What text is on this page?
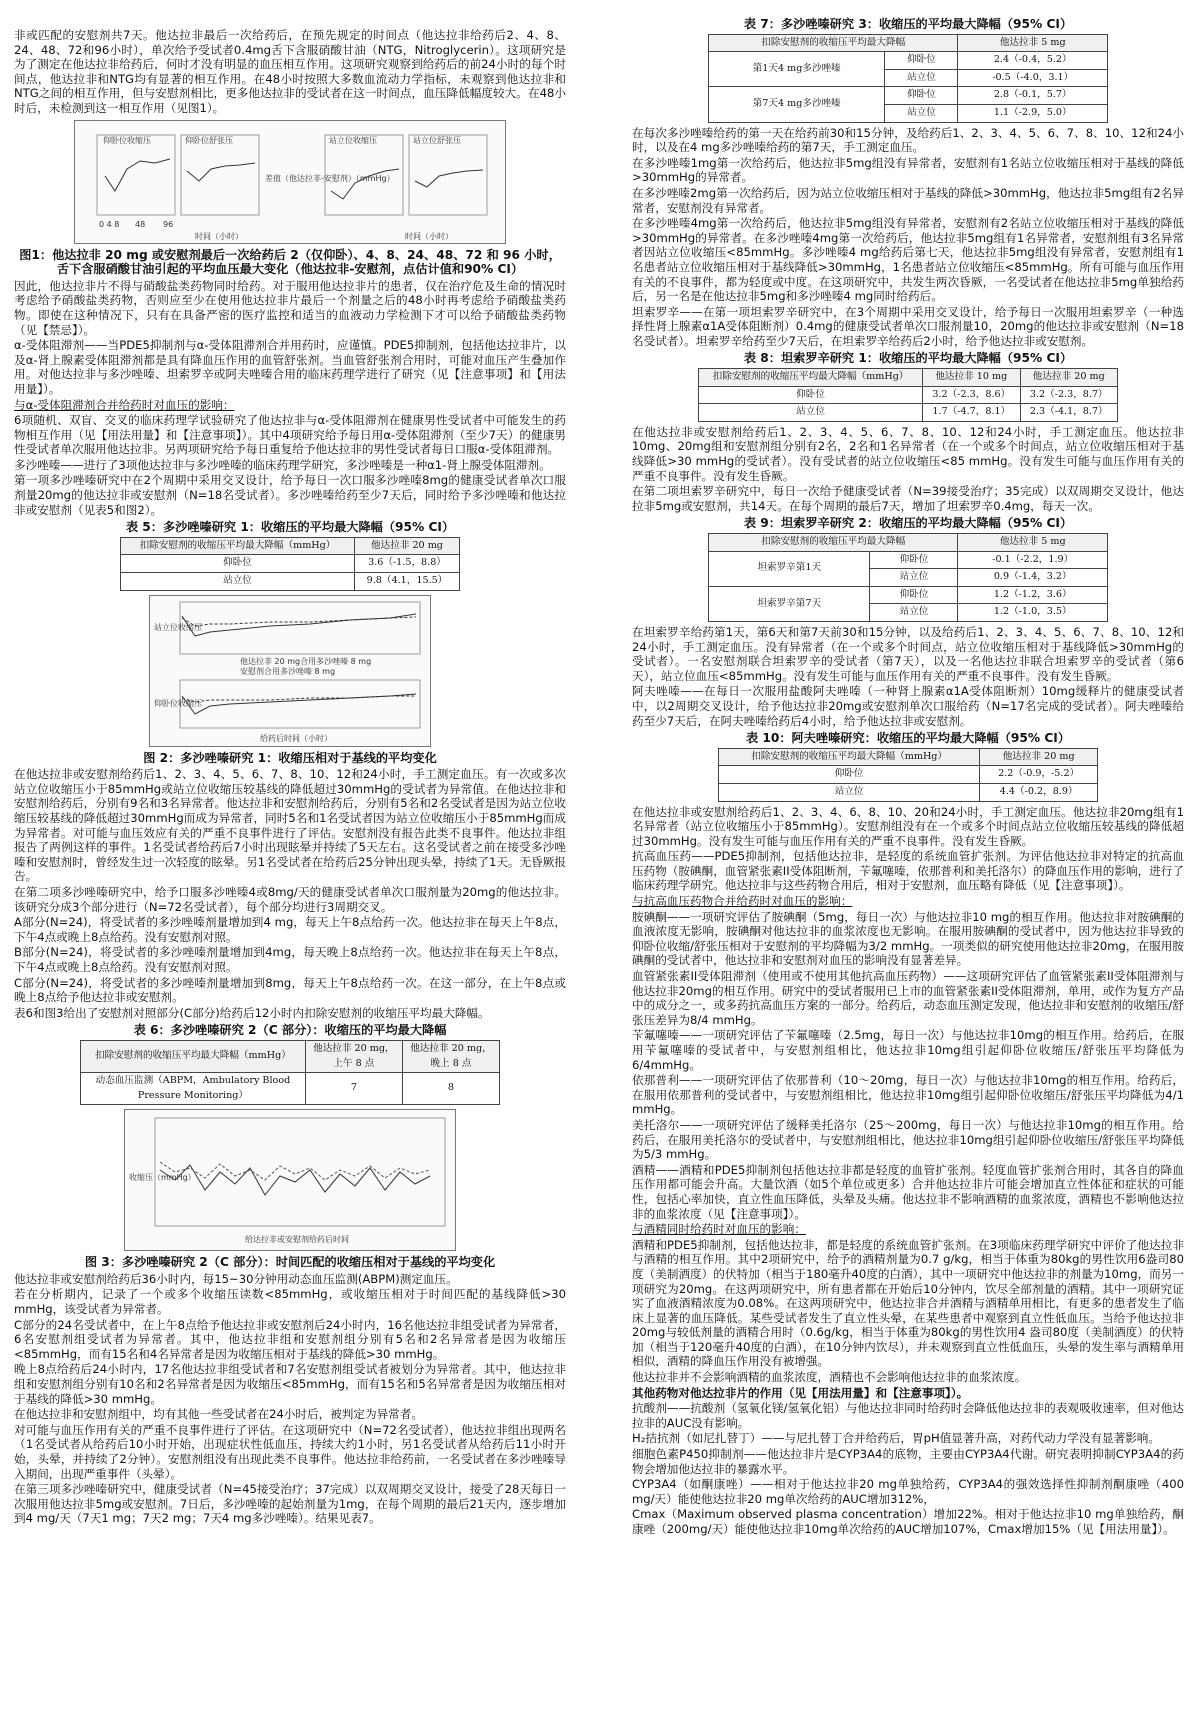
非或匹配的安慰剂共7天。他达拉非最后一次给药后，在预先规定的时间点（他达拉非给药后2、4、8、24、48、72和96小时），单次给予受试者0.4mg舌下含服硝酸甘油（NTG，Nitroglycerin）。这项研究是为了测定在他达拉非给药后，何时才没有明显的血压相互作用。这项研究观察到给药后的前24小时的每个时间点，他达拉非和NTG均有显著的相互作用。在48小时按照大多数血流动力学指标，未观察到他达拉非和NTG之间的相互作用，但与安慰剂相比，更多他达拉非的受试者在这一时间点，血压降低幅度较大。在48小时后，未检测到这一相互作用（见图1）。

仰卧位收缩压
0 4 8 48 96
仰卧位舒张压	站立位收缩压	站立位舒张压
时间（小时）	时间（小时）
差值（他达拉非-安慰剂）（mmHg）
图1：他达拉非 20 mg 或安慰剂最后一次给药后 2（仅仰卧）、4、8、24、48、72 和 96 小时，舌下含服硝酸甘油引起的平均血压最大变化（他达拉非-安慰剂，点估计值和90% CI）

因此，他达拉非片不得与硝酸盐类药物同时给药。对于服用他达拉非片的患者，仅在治疗危及生命的情况时考虑给予硝酸盐类药物，否则应至少在使用他达拉非片最后一个剂量之后的48小时再考虑给予硝酸盐类药物。即使在这种情况下，只有在具备严密的医疗监控和适当的血液动力学检测下才可以给予硝酸盐类药物（见【禁忌】）。

α-受体阻滞剂——当PDE5抑制剂与α-受体阻滞剂合并用药时，应谨慎。PDE5抑制剂，包括他达拉非片，以及α-肾上腺素受体阻滞剂都是具有降血压作用的血管舒张剂。当血管舒张剂合用时，可能对血压产生叠加作用。对他达拉非与多沙唑嗪、坦索罗辛或阿夫唑嗪合用的临床药理学进行了研究（见【注意事项】和【用法用量】）。

与α-受体阻滞剂合并给药时对血压的影响：

6项随机、双盲、交叉的临床药理学试验研究了他达拉非与α-受体阻滞剂在健康男性受试者中可能发生的药物相互作用（见【用法用量】和【注意事项】）。其中4项研究给予每日用α-受体阻滞剂（至少7天）的健康男性受试者单次服用他达拉非。另两项研究给予每日重复给予他达拉非的男性受试者每日口服α-受体阻滞剂。

多沙唑嗪——进行了3项他达拉非与多沙唑嗪的临床药理学研究，多沙唑嗪是一种α1-肾上腺受体阻滞剂。

第一项多沙唑嗪研究中在2个周期中采用交叉设计，给予每日一次口服多沙唑嗪8mg的健康受试者单次口服剂量20mg的他达拉非或安慰剂（N=18名受试者）。多沙唑嗪给药至少7天后，同时给予多沙唑嗪和他达拉非或安慰剂（见表5和图2）。

表 5：多沙唑嗪研究 1：收缩压的平均最大降幅（95% CI）
扣除安慰剂的收缩压平均最大降幅（mmHg）	他达拉非 20 mg
仰卧位	3.6（-1.5，8.8）
站立位	9.8（4.1，15.5）
站立位收缩压
他达拉非 20 mg合用多沙唑嗪 8 mg
安慰剂合用多沙唑嗪 8 mg
仰卧位收缩压
给药后时间（小时）
图 2：多沙唑嗪研究 1：收缩压相对于基线的平均变化

在他达拉非或安慰剂给药后1、2、3、4、5、6、7、8、10、12和24小时，手工测定血压。有一次或多次站立位收缩压小于85mmHg或站立位收缩压较基线的降低超过30mmHg的受试者为异常值。在他达拉非和安慰剂给药后，分别有9名和3名异常者。他达拉非和安慰剂给药后，分别有5名和2名受试者是因为站立位收缩压较基线的降低超过30mmHg而成为异常者，同时5名和1名受试者因为站立位收缩压小于85mmHg而成为异常者。对可能与血压效应有关的严重不良事件进行了评估。安慰剂没有报告此类不良事件。他达拉非组报告了两例这样的事件。1名受试者给药后7小时出现眩晕并持续了5天左右。这名受试者之前在接受多沙唑嗪和安慰剂时，曾经发生过一次轻度的眩晕。另1名受试者在给药后25分钟出现头晕，持续了1天。无昏厥报告。

在第二项多沙唑嗪研究中，给予口服多沙唑嗪4或8mg/天的健康受试者单次口服剂量为20mg的他达拉非。该研究分成3个部分进行（N=72名受试者），每个部分均进行3周期交叉。

A部分(N=24)，将受试者的多沙唑嗪剂量增加到4 mg，每天上午8点给药一次。他达拉非在每天上午8点，下午4点或晚上8点给药。没有安慰剂对照。

B部分(N=24)，将受试者的多沙唑嗪剂量增加到4mg，每天晚上8点给药一次。他达拉非在每天上午8点，下午4点或晚上8点给药。没有安慰剂对照。

C部分(N=24)，将受试者的多沙唑嗪剂量增加到8mg，每天上午8点给药一次。在这一部分，在上午8点或晚上8点给予他达拉非或安慰剂。

表6和图3给出了安慰剂对照部分(C部分)给药后12小时内扣除安慰剂的收缩压平均最大降幅。

表 6：多沙唑嗪研究 2（C 部分）：收缩压的平均最大降幅
扣除安慰剂的收缩压平均最大降幅（mmHg）	他达拉非 20 mg，上午 8 点	他达拉非 20 mg，晚上 8 点
动态血压监测（ABPM，Ambulatory Blood Pressure Monitoring）	7	8
收缩压（mmHg）
给达拉非或安慰剂给药后时间
图 3：多沙唑嗪研究 2（C 部分）：时间匹配的收缩压相对于基线的平均变化

他达拉非或安慰剂给药后36小时内，每15~30分钟用动态血压监测(ABPM)测定血压。

若在分析期内，记录了一个或多个收缩压读数<85mmHg，或收缩压相对于时间匹配的基线降低>30 mmHg，该受试者为异常者。

C部分的24名受试者中，在上午8点给予他达拉非或安慰剂后24小时内，16名他达拉非组受试者为异常者，6名安慰剂组受试者为异常者。其中，他达拉非组和安慰剂组分别有5名和2名异常者是因为收缩压<85mmHg，而有15名和4名异常者是因为收缩压相对于基线的降低>30 mmHg。

晚上8点给药后24小时内，17名他达拉非组受试者和7名安慰剂组受试者被划分为异常者。其中，他达拉非组和安慰剂组分别有10名和2名异常者是因为收缩压<85mmHg，而有15名和5名异常者是因为收缩压相对于基线的降低>30 mmHg。

在他达拉非和安慰剂组中，均有其他一些受试者在24小时后，被判定为异常者。

对可能与血压作用有关的严重不良事件进行了评估。在这项研究中（N=72名受试者），他达拉非组出现两名（1名受试者从给药后10小时开始，出现症状性低血压，持续大约1小时，另1名受试者从给药后11小时开始，头晕，并持续了2分钟）。安慰剂组没有出现此类不良事件。他达拉非给药前，一名受试者在多沙唑嗪导入期间，出现严重事件（头晕）。

在第三项多沙唑嗪研究中，健康受试者（N=45接受治疗；37完成）以双周期交叉设计，接受了28天每日一次服用他达拉非5mg或安慰剂。7日后，多沙唑嗪的起始剂量为1mg，在每个周期的最后21天内，逐步增加到4 mg/天（7天1 mg；7天2 mg；7天4 mg多沙唑嗪）。结果见表7。

表 7：多沙唑嗪研究 3：收缩压的平均最大降幅（95% CI）
扣除安慰剂的收缩压平均最大降幅		他达拉非 5 mg
第1天4 mg多沙唑嗪	仰卧位	2.4（-0.4，5.2）
	站立位	-0.5（-4.0，3.1）
第7天4 mg多沙唑嗪	仰卧位	2.8（-0.1，5.7）
	站立位	1.1（-2.9，5.0）

在每次多沙唑嗪给药的第一天在给药前30和15分钟，及给药后1、2、3、4、5、6、7、8、10、12和24小时，以及在4 mg多沙唑嗪给药的第7天，手工测定血压。

在多沙唑嗪1mg第一次给药后，他达拉非5mg组没有异常者，安慰剂有1名站立位收缩压相对于基线的降低>30mmHg的异常者。

在多沙唑嗪2mg第一次给药后，因为站立位收缩压相对于基线的降低>30mmHg，他达拉非5mg组有2名异常者，安慰剂没有异常者。

在多沙唑嗪4mg第一次给药后，他达拉非5mg组没有异常者，安慰剂有2名站立位收缩压相对于基线的降低>30mmHg的异常者。在多沙唑嗪4mg第一次给药后，他达拉非5mg组有1名异常者，安慰剂组有3名异常者因站立位收缩压<85mmHg。多沙唑嗪4 mg给药后第七天，他达拉非5mg组没有异常者，安慰剂组有1名患者站立位收缩压相对于基线降低>30mmHg，1名患者站立位收缩压<85mmHg。所有可能与血压作用有关的不良事件，都为轻度或中度。在这项研究中，共发生两次昏厥，一名受试者在他达拉非5mg单独给药后，另一名是在他达拉非5mg和多沙唑嗪4 mg同时给药后。

坦索罗辛——在第一项坦索罗辛研究中，在3个周期中采用交叉设计，给予每日一次服用坦索罗辛（一种选择性肾上腺素α1A受体阻断剂）0.4mg的健康受试者单次口服剂量10，20mg的他达拉非或安慰剂（N=18名受试者）。坦索罗辛给药至少7天后，在坦索罗辛给药后2小时，给予他达拉非或安慰剂。

表 8：坦索罗辛研究 1：收缩压的平均最大降幅（95% CI）
扣除安慰剂的收缩压平均最大降幅（mmHg）	他达拉非 10 mg	他达拉非 20 mg
仰卧位	3.2（-2.3，8.6）	3.2（-2.3，8.7）
站立位	1.7（-4.7，8.1）	2.3（-4.1，8.7）

在他达拉非或安慰剂给药后1、2、3、4、5、6、7、8、10、12和24小时，手工测定血压。他达拉非10mg、20mg组和安慰剂组分别有2名，2名和1名异常者（在一个或多个时间点，站立位收缩压相对于基线降低>30 mmHg的受试者）。没有受试者的站立位收缩压<85 mmHg。没有发生可能与血压作用有关的严重不良事件。没有发生昏厥。

在第二项坦索罗辛研究中，每日一次给予健康受试者（N=39接受治疗；35完成）以双周期交叉设计，他达拉非5mg或安慰剂，共14天。在每个周期的最后7天，增加了坦索罗辛0.4mg，每天一次。

表 9：坦索罗辛研究 2：收缩压的平均最大降幅（95% CI）
扣除安慰剂的收缩压平均最大降幅		他达拉非 5 mg
坦索罗辛第1天	仰卧位	-0.1（-2.2，1.9）
	站立位	0.9（-1.4，3.2）
坦索罗辛第7天	仰卧位	1.2（-1.2，3.6）
	站立位	1.2（-1.0，3.5）

在坦索罗辛给药第1天，第6天和第7天前30和15分钟，以及给药后1、2、3、4、5、6、7、8、10、12和24小时，手工测定血压。没有异常者（在一个或多个时间点，站立位收缩压相对于基线降低>30mmHg的受试者）。一名安慰剂联合坦索罗辛的受试者（第7天），以及一名他达拉非联合坦索罗辛的受试者（第6天），站立位血压<85mmHg。没有发生可能与血压作用有关的严重不良事件。没有发生昏厥。

阿夫唑嗪——在每日一次服用盐酸阿夫唑嗪（一种肾上腺素α1A受体阻断剂）10mg缓释片的健康受试者中，以2周期交叉设计，给予他达拉非20mg或安慰剂单次口服给药（N=17名完成的受试者）。阿夫唑嗪给药至少7天后，在阿夫唑嗪给药后4小时，给予他达拉非或安慰剂。

表 10：阿夫唑嗪研究：收缩压的平均最大降幅（95% CI）
扣除安慰剂的收缩压平均最大降幅（mmHg）	他达拉非 20 mg
仰卧位	2.2（-0.9，-5.2）
站立位	4.4（-0.2，8.9）

在他达拉非或安慰剂给药后1、2、3、4、6、8、10、20和24小时，手工测定血压。他达拉非20mg组有1名异常者（站立位收缩压小于85mmHg）。安慰剂组没有在一个或多个时间点站立位收缩压较基线的降低超过30mmHg。没有发生可能与血压作用有关的严重不良事件。没有发生昏厥。

抗高血压药——PDE5抑制剂，包括他达拉非，是轻度的系统血管扩张剂。为评估他达拉非对特定的抗高血压药物（胺碘酮，血管紧张素II受体阻断剂，苄氟噻嗪，依那普利和美托洛尔）的降血压作用的影响，进行了临床药理学研究。他达拉非与这些药物合用后，相对于安慰剂，血压略有降低（见【注意事项】）。

与抗高血压药物合并给药时对血压的影响：

胺碘酮——一项研究评估了胺碘酮（5mg，每日一次）与他达拉非10 mg的相互作用。他达拉非对胺碘酮的血液浓度无影响，胺碘酮对他达拉非的血浆浓度也无影响。在服用胺碘酮的受试者中，因为他达拉非导致的仰卧位收缩/舒张压相对于安慰剂的平均降幅为3/2 mmHg。一项类似的研究使用他达拉非20mg，在服用胺碘酮的受试者中，他达拉非和安慰剂对血压的影响没有显著差异。

血管紧张素II受体阻滞剂（使用或不使用其他抗高血压药物）——这项研究评估了血管紧张素II受体阻滞剂与他达拉非20mg的相互作用。研究中的受试者服用已上市的血管紧张素II受体阻滞剂，单用，或作为复方产品中的成分之一，或多药抗高血压方案的一部分。给药后，动态血压测定发现，他达拉非和安慰剂的收缩压/舒张压差异为8/4 mmHg。

苄氟噻嗪——一项研究评估了苄氟噻嗪（2.5mg，每日一次）与他达拉非10mg的相互作用。给药后，在服用苄氟噻嗪的受试者中，与安慰剂组相比，他达拉非10mg组引起仰卧位收缩压/舒张压平均降低为6/4mmHg。

依那普利——一项研究评估了依那普利（10～20mg，每日一次）与他达拉非10mg的相互作用。给药后，在服用依那普利的受试者中，与安慰剂组相比，他达拉非10mg组引起仰卧位收缩压/舒张压平均降低为4/1 mmHg。

美托洛尔——一项研究评估了缓释美托洛尔（25～200mg，每日一次）与他达拉非10mg的相互作用。给药后，在服用美托洛尔的受试者中，与安慰剂组相比，他达拉非10mg组引起仰卧位收缩压/舒张压平均降低为5/3 mmHg。

酒精——酒精和PDE5抑制剂包括他达拉非都是轻度的血管扩张剂。轻度血管扩张剂合用时，其各自的降血压作用都可能会升高。大量饮酒（如5个单位或更多）合并他达拉非片可能会增加直立性体征和症状的可能性，包括心率加快，直立性血压降低，头晕及头痛。他达拉非不影响酒精的血浆浓度，酒精也不影响他达拉非的血浆浓度（见【注意事项】）。

与酒精同时给药时对血压的影响：

酒精和PDE5抑制剂，包括他达拉非，都是轻度的系统血管扩张剂。在3项临床药理学研究中评价了他达拉非与酒精的相互作用。其中2项研究中，给予的酒精剂量为0.7 g/kg，相当于体重为80kg的男性饮用6盎司80度（美制酒度）的伏特加（相当于180毫升40度的白酒），其中一项研究中他达拉非的剂量为10mg，而另一项研究为20mg。在这两项研究中，所有患者都在开始后10分钟内，饮尽全部剂量的酒精。其中一项研究证实了血液酒精浓度为0.08%。在这两项研究中，他达拉非合并酒精与酒精单用相比，有更多的患者发生了临床上显著的血压降低。某些受试者发生了直立性头晕，在某些患者中观察到直立性低血压。当给予他达拉非20mg与较低剂量的酒精合用时（0.6g/kg，相当于体重为80kg的男性饮用4 盎司80度（美制酒度）的伏特加（相当于120毫升40度的白酒），在10分钟内饮尽），并未观察到直立性低血压，头晕的发生率与酒精单用相似，酒精的降血压作用没有被增强。

他达拉非并不会影响酒精的血浆浓度，酒精也不会影响他达拉非的血浆浓度。

其他药物对他达拉非片的作用（见【用法用量】和【注意事项】）。

抗酸剂——抗酸剂（氢氧化镁/氢氧化铝）与他达拉非同时给药时会降低他达拉非的表观吸收速率，但对他达拉非的AUC没有影响。

H₂拮抗剂（如尼扎替丁）——与尼扎替丁合并给药后，胃pH值显著升高，对药代动力学没有显著影响。

细胞色素P450抑制剂——他达拉非片是CYP3A4的底物，主要由CYP3A4代谢。研究表明抑制CYP3A4的药物会增加他达拉非的暴露水平。

CYP3A4（如酮康唑）——相对于他达拉非20 mg单独给药，CYP3A4的强效选择性抑制剂酮康唑（400 mg/天）能使他达拉非20 mg单次给药的AUC增加312%，

Cmax（Maximum observed plasma concentration）增加22%。相对于他达拉非10 mg单独给药，酮康唑（200mg/天）能使他达拉非10mg单次给药的AUC增加107%，Cmax增加15%（见【用法用量】）。
